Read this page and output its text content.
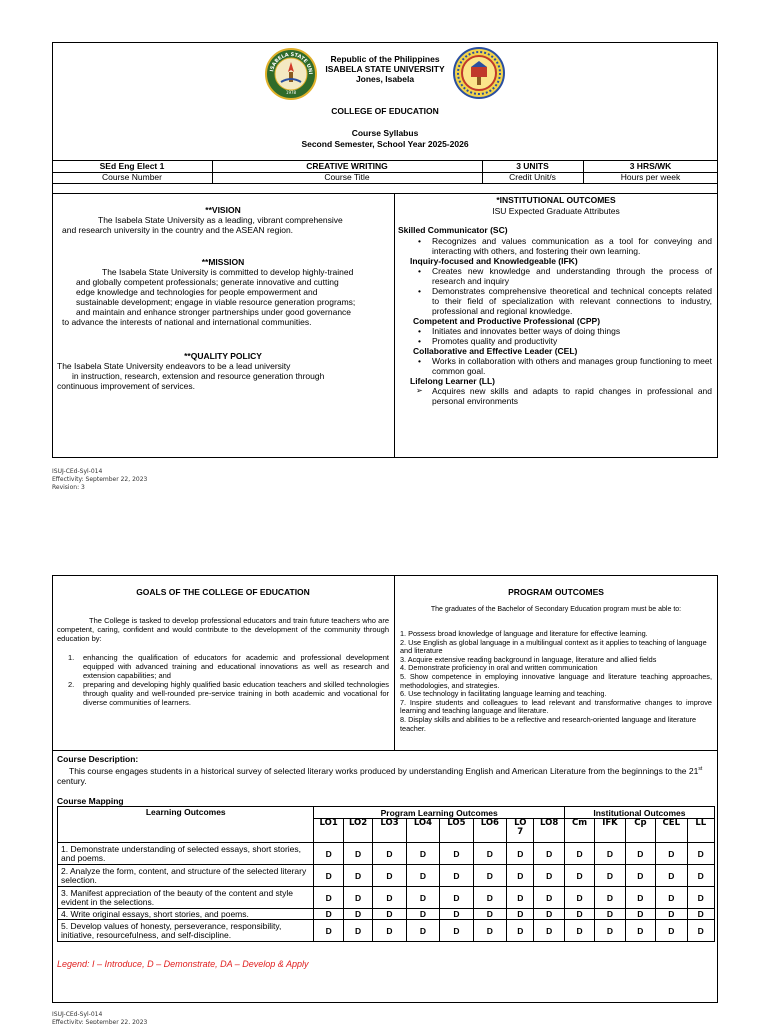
ISABELA STATE UNI
1978
Republic of the Philippines
ISABELA STATE UNIVERSITY
Jones, Isabela
COLLEGE OF EDUCATION
Course Syllabus
Second Semester, School Year 2025-2026
SEd Eng Elect 1	CREATIVE WRITING	3 UNITS	3 HRS/WK
Course Number	Course Title	Credit Unit/s	Hours per week
**VISION
The Isabela State University as a leading, vibrant comprehensive
and research university in the country and the ASEAN region.
**MISSION
The Isabela State University is committed to develop highly-trained
and globally competent professionals; generate innovative and cutting
edge knowledge and technologies for people empowerment and
sustainable development; engage in viable resource generation programs;
and maintain and enhance stronger partnerships under good governance
to advance the interests of national and international communities.
**QUALITY POLICY
The Isabela State University endeavors to be a lead university
in instruction, research, extension and resource generation through
continuous improvement of services.
*INSTITUTIONAL OUTCOMES
ISU Expected Graduate Attributes
Skilled Communicator (SC)
• Recognizes and values communication as a tool for conveying and interacting with others, and fostering their own learning.
Inquiry-focused and Knowledgeable (IFK)
• Creates new knowledge and understanding through the process of research and inquiry
• Demonstrates comprehensive theoretical and technical concepts related to their field of specialization with relevant connections to industry, professional and regional knowledge.
Competent and Productive Professional (CPP)
• Initiates and innovates better ways of doing things
• Promotes quality and productivity
Collaborative and Effective Leader (CEL)
• Works in collaboration with others and manages group functioning to meet common goal.
Lifelong Learner (LL)
➢ Acquires new skills and adapts to rapid changes in professional and personal environments
ISUJ-CEd-Syl-014
Effectivity: September 22, 2023
Revision: 3
GOALS OF THE COLLEGE OF EDUCATION
The College is tasked to develop professional educators and train future teachers who are competent, caring, confident and would contribute to the development of the community through education by:
1. enhancing the qualification of educators for academic and professional development equipped with advanced training and educational innovations as well as research and extension capabilities; and
2. preparing and developing highly qualified basic education teachers and skilled technologies through quality and well-rounded pre-service training in both academic and vocational for diverse communities of learners.
PROGRAM OUTCOMES
The graduates of the Bachelor of Secondary Education program must be able to:
1. Possess broad knowledge of language and literature for effective learning.
2. Use English as global language in a multilingual context as it applies to teaching of language and literature
3. Acquire extensive reading background in language, literature and allied fields
4. Demonstrate proficiency in oral and written communication
5. Show competence in employing innovative language and literature teaching approaches, methodologies, and strategies.
6. Use technology in facilitating language learning and teaching.
7. Inspire students and colleagues to lead relevant and transformative changes to improve learning and teaching language and literature.
8. Display skills and abilities to be a reflective and research-oriented language and literature teacher.
Course Description:
This course engages students in a historical survey of selected literary works produced by understanding English and American Literature from the beginnings to the 21st century.
Course Mapping
Learning Outcomes	Program Learning Outcomes								Institutional Outcomes				
	LO1	LO2	LO3	LO4	LO5	LO6	LO 7	LO8	Cm	IFK	Cp	CEL	LL
1. Demonstrate understanding of selected essays, short stories, and poems.	D	D	D	D	D	D	D	D	D	D	D	D	D
2. Analyze the form, content, and structure of the selected literary selection.	D	D	D	D	D	D	D	D	D	D	D	D	D
3. Manifest appreciation of the beauty of the content and style evident in the selections.	D	D	D	D	D	D	D	D	D	D	D	D	D
4. Write original essays, short stories, and poems.	D	D	D	D	D	D	D	D	D	D	D	D	D
5. Develop values of honesty, perseverance, responsibility, initiative, resourcefulness, and self-discipline.	D	D	D	D	D	D	D	D	D	D	D	D	D
Legend: I – Introduce, D – Demonstrate, DA – Develop & Apply
ISUJ-CEd-Syl-014
Effectivity: September 22, 2023
